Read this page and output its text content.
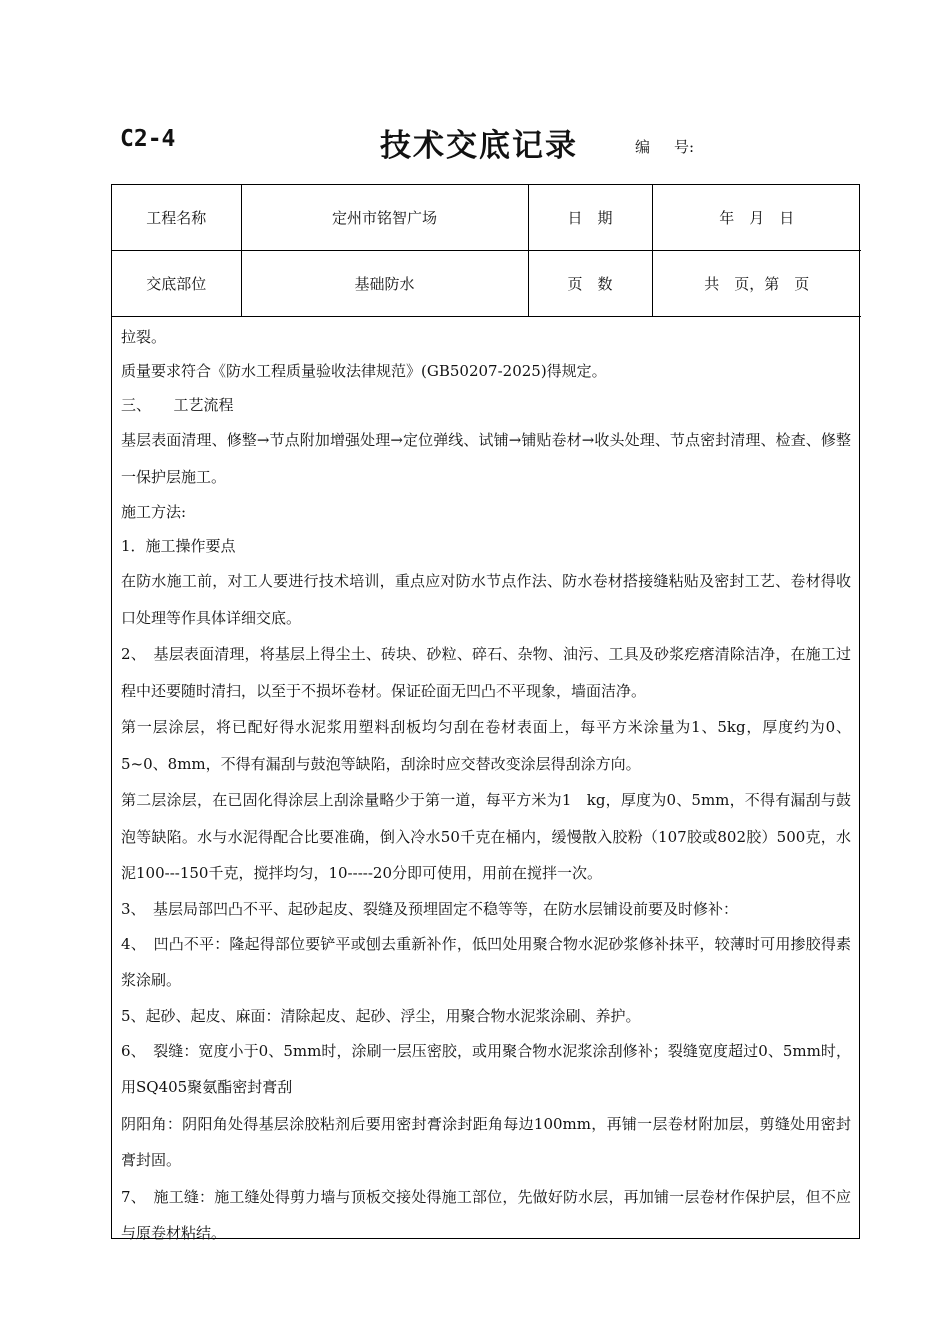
C2-4	技术交底记录	编 号:
工程名称	定州市铭智广场	日　期	年　月　日
交底部位	基础防水	页　数	共　页，第　页

拉裂。

质量要求符合《防水工程质量验收法律规范》(GB50207-2025)得规定。

三、　　工艺流程

基层表面清理、修整→节点附加增强处理→定位弹线、试铺→铺贴卷材→收头处理、节点密封清理、检查、修整一保护层施工。

施工方法:

1．施工操作要点

在防水施工前，对工人要进行技术培训，重点应对防水节点作法、防水卷材搭接缝粘贴及密封工艺、卷材得收口处理等作具体详细交底。

2、　基层表面清理，将基层上得尘土、砖块、砂粒、碎石、杂物、油污、工具及砂浆疙瘩清除洁净，在施工过程中还要随时清扫，以至于不损坏卷材。保证砼面无凹凸不平现象，墙面洁净。

第一层涂层，将已配好得水泥浆用塑料刮板均匀刮在卷材表面上，每平方米涂量为1、5kg，厚度约为0、5~0、8mm，不得有漏刮与鼓泡等缺陷，刮涂时应交替改变涂层得刮涂方向。

第二层涂层，在已固化得涂层上刮涂量略少于第一道，每平方米为1　kg，厚度为0、5mm，不得有漏刮与鼓泡等缺陷。水与水泥得配合比要准确，倒入冷水50千克在桶内，缓慢散入胶粉（107胶或802胶）500克，水泥100---150千克，搅拌均匀，10-----20分即可使用，用前在搅拌一次。

3、　基层局部凹凸不平、起砂起皮、裂缝及预埋固定不稳等等，在防水层铺设前要及时修补：

4、　凹凸不平：隆起得部位要铲平或刨去重新补作，低凹处用聚合物水泥砂浆修补抹平，较薄时可用掺胶得素浆涂刷。

5、起砂、起皮、麻面：清除起皮、起砂、浮尘，用聚合物水泥浆涂刷、养护。

6、　裂缝：宽度小于0、5mm时，涂刷一层压密胶，或用聚合物水泥浆涂刮修补；裂缝宽度超过0、5mm时，用SQ405聚氨酯密封膏刮

阴阳角：阴阳角处得基层涂胶粘剂后要用密封膏涂封距角每边100mm，再铺一层卷材附加层，剪缝处用密封膏封固。

7、　施工缝：施工缝处得剪力墙与顶板交接处得施工部位，先做好防水层，再加铺一层卷材作保护层，但不应与原卷材粘结。
